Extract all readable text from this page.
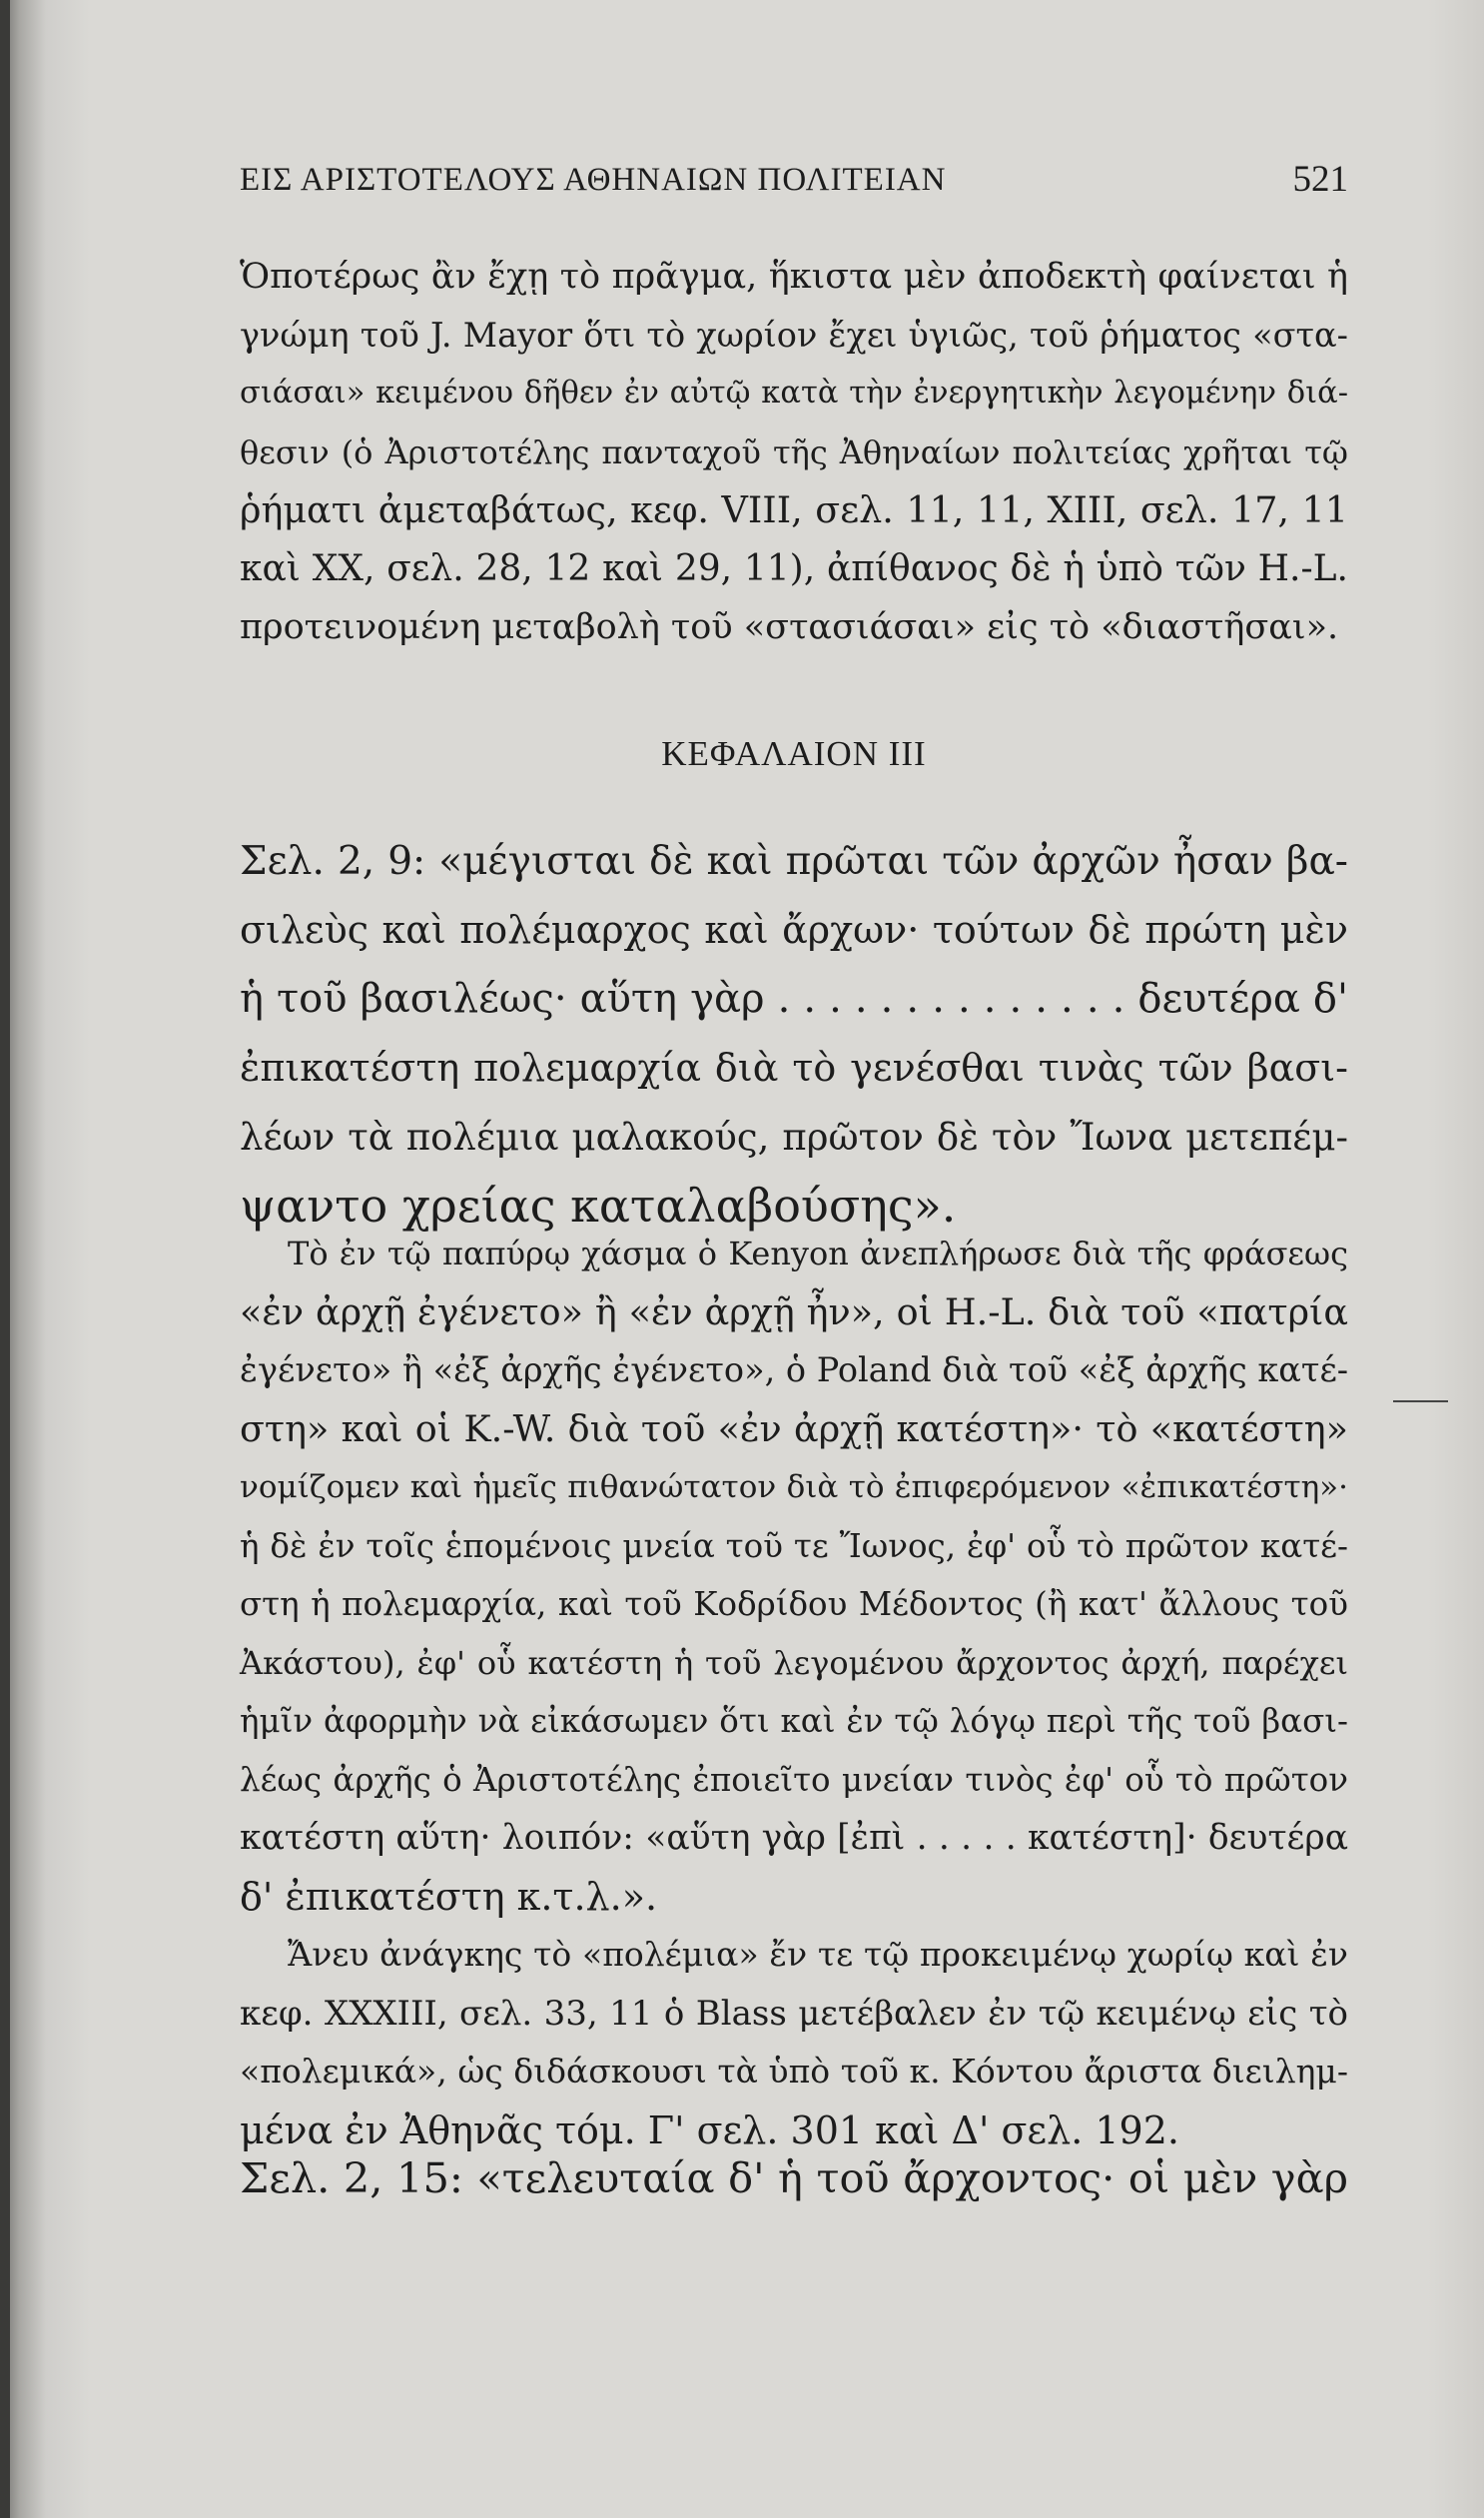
ΕΙΣ ΑΡΙΣΤΟΤΕΛΟΥΣ ΑΘΗΝΑΙΩΝ ΠΟΛΙΤΕΙΑΝ	521

Ὁποτέρως ἂν ἔχῃ τὸ πρᾶγμα, ἥκιστα μὲν ἀποδεκτὴ φαίνεται ἡ

γνώμη τοῦ J. Mayor ὅτι τὸ χωρίον ἔχει ὑγιῶς, τοῦ ῥήματος «στα-

σιάσαι» κειμένου δῆθεν ἐν αὐτῷ κατὰ τὴν ἐνεργητικὴν λεγομένην διά-

θεσιν (ὁ Ἀριστοτέλης πανταχοῦ τῆς Ἀθηναίων πολιτείας χρῆται τῷ

ῥήματι ἀμεταβάτως, κεφ. VIII, σελ. 11, 11, XIII, σελ. 17, 11

καὶ XX, σελ. 28, 12 καὶ 29, 11), ἀπίθανος δὲ ἡ ὑπὸ τῶν H.-L.

προτεινομένη μεταβολὴ τοῦ «στασιάσαι» εἰς τὸ «διαστῆσαι».

ΚΕΦΑΛΑΙΟΝ III

Σελ. 2, 9: «μέγισται δὲ καὶ πρῶται τῶν ἀρχῶν ἦσαν βα-

σιλεὺς καὶ πολέμαρχος καὶ ἄρχων· τούτων δὲ πρώτη μὲν

ἡ τοῦ βασιλέως· αὕτη γὰρ . . . . . . . . . . . . . . δευτέρα δ'

ἐπικατέστη πολεμαρχία διὰ τὸ γενέσθαι τινὰς τῶν βασι-

λέων τὰ πολέμια μαλακούς, πρῶτον δὲ τὸν Ἴωνα μετεπέμ-

ψαντο χρείας καταλαβούσης».

Τὸ ἐν τῷ παπύρῳ χάσμα ὁ Kenyon ἀνεπλήρωσε διὰ τῆς φράσεως

«ἐν ἀρχῇ ἐγένετο» ἢ «ἐν ἀρχῇ ἦν», οἱ H.-L. διὰ τοῦ «πατρία

ἐγένετο» ἢ «ἐξ ἀρχῆς ἐγένετο», ὁ Poland διὰ τοῦ «ἐξ ἀρχῆς κατέ-

στη» καὶ οἱ K.-W. διὰ τοῦ «ἐν ἀρχῇ κατέστη»· τὸ «κατέστη»

νομίζομεν καὶ ἡμεῖς πιθανώτατον διὰ τὸ ἐπιφερόμενον «ἐπικατέστη»·

ἡ δὲ ἐν τοῖς ἑπομένοις μνεία τοῦ τε Ἴωνος, ἐφ' οὗ τὸ πρῶτον κατέ-

στη ἡ πολεμαρχία, καὶ τοῦ Κοδρίδου Μέδοντος (ἢ κατ' ἄλλους τοῦ

Ἀκάστου), ἐφ' οὗ κατέστη ἡ τοῦ λεγομένου ἄρχοντος ἀρχή, παρέχει

ἡμῖν ἀφορμὴν νὰ εἰκάσωμεν ὅτι καὶ ἐν τῷ λόγῳ περὶ τῆς τοῦ βασι-

λέως ἀρχῆς ὁ Ἀριστοτέλης ἐποιεῖτο μνείαν τινὸς ἐφ' οὗ τὸ πρῶτον

κατέστη αὕτη· λοιπόν: «αὕτη γὰρ [ἐπὶ . . . . . κατέστη]· δευτέρα

δ' ἐπικατέστη κ.τ.λ.».

Ἄνευ ἀνάγκης τὸ «πολέμια» ἔν τε τῷ προκειμένῳ χωρίῳ καὶ ἐν

κεφ. XXXIII, σελ. 33, 11 ὁ Blass μετέβαλεν ἐν τῷ κειμένῳ εἰς τὸ

«πολεμικά», ὡς διδάσκουσι τὰ ὑπὸ τοῦ κ. Κόντου ἄριστα διειλημ-

μένα ἐν Ἀθηνᾶς τόμ. Γ' σελ. 301 καὶ Δ' σελ. 192.

Σελ. 2, 15: «τελευταία δ' ἡ τοῦ ἄρχοντος· οἱ μὲν γὰρ
